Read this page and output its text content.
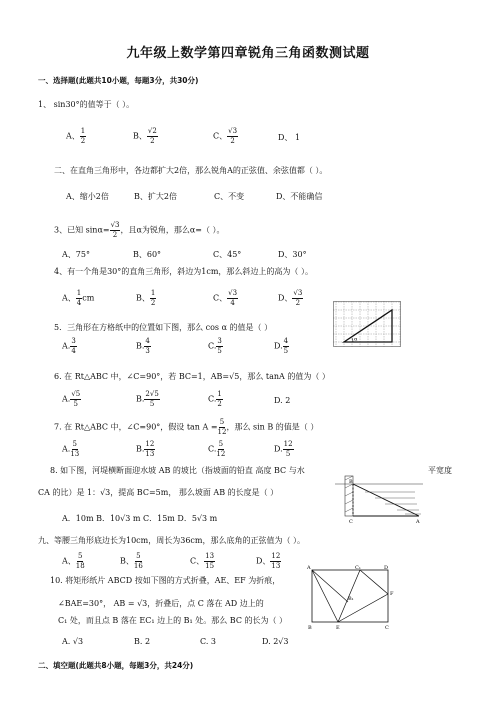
九年级上数学第四章锐角三角函数测试题
一、选择题(此题共10小题，每题3分，共30分)
1、 sin30°的值等于（ ）。
A、 $\frac{1}{2}$	B、 $\frac{√2}{2}$	C、 $\frac{√3}{2}$	D、 1
二、在直角三角形中，各边都扩大2倍，那么锐角A的正弦值、余弦值都（ ）。
A、缩小2倍	B、扩大2倍	C、不变	D、不能确信
3、已知 $\sin\alpha= \frac{√3}{2}$ ，且α为锐角，那么α=（ ）。
A、75°	B、60°	C、45°	D、30°
4、有一个角是30°的直角三角形，斜边为1cm，那么斜边上的高为（ ）。
A、 $\frac{1}{4}$ cm	B、 $\frac{1}{2}$	C、 $\frac{√3}{4}$	D、 $\frac{√3}{2}$
5．三角形在方格纸中的位置如下图，那么 cos α 的值是（ ）
A. $\frac{3}{4}$	B. $\frac{4}{3}$	C. $\frac{3}{5}$	D. $\frac{4}{5}$	α
6. 在 Rt△ABC 中，∠C=90°，若 BC=1，AB=√5，那么 tanA 的值为（ ）
A. $\frac{√5}{5}$	B. $\frac{2√5}{5}$	C. $\frac{1}{2}$	D. 2
7. 在 Rt△ABC 中，∠C=90°，假设 $\tan A = \frac{5}{12}$ ，那么 sin B 的值是（ ）
A. $\frac{5}{13}$	B. $\frac{12}{13}$	C. $\frac{5}{12}$	D. $\frac{12}{5}$
8. 如下图，河堤横断面迎水坡 AB 的坡比（指坡面的铅直 高度 BC 与水	平宽度
CA 的比）是 1：√3，提高 BC=5m， 那么坡面 AB 的长度是（ ）
A．10m B．10√3 m C．15m D．5√3 m
B
C	A
九、等腰三角形底边长为10cm，周长为36cm，那么底角的正弦值为（ ）。
A、 $\frac{5}{18}$	B、 $\frac{5}{16}$	C、 $\frac{13}{15}$	D、 $\frac{12}{13}$
10. 将矩形纸片 ABCD 按如下图的方式折叠，AE、EF 为折痕，
∠BAE=30°， AB = √3，折叠后，点 C 落在 AD 边上的
C₁ 处，而且点 B 落在 EC₁ 边上的 B₁ 处。那么 BC 的长为（ ）
A. √3	B. 2	C. 3	D. 2√3
A	C₁	D
B₁
F
B	E	C
二、填空题(此题共8小题，每题3分，共24分)
